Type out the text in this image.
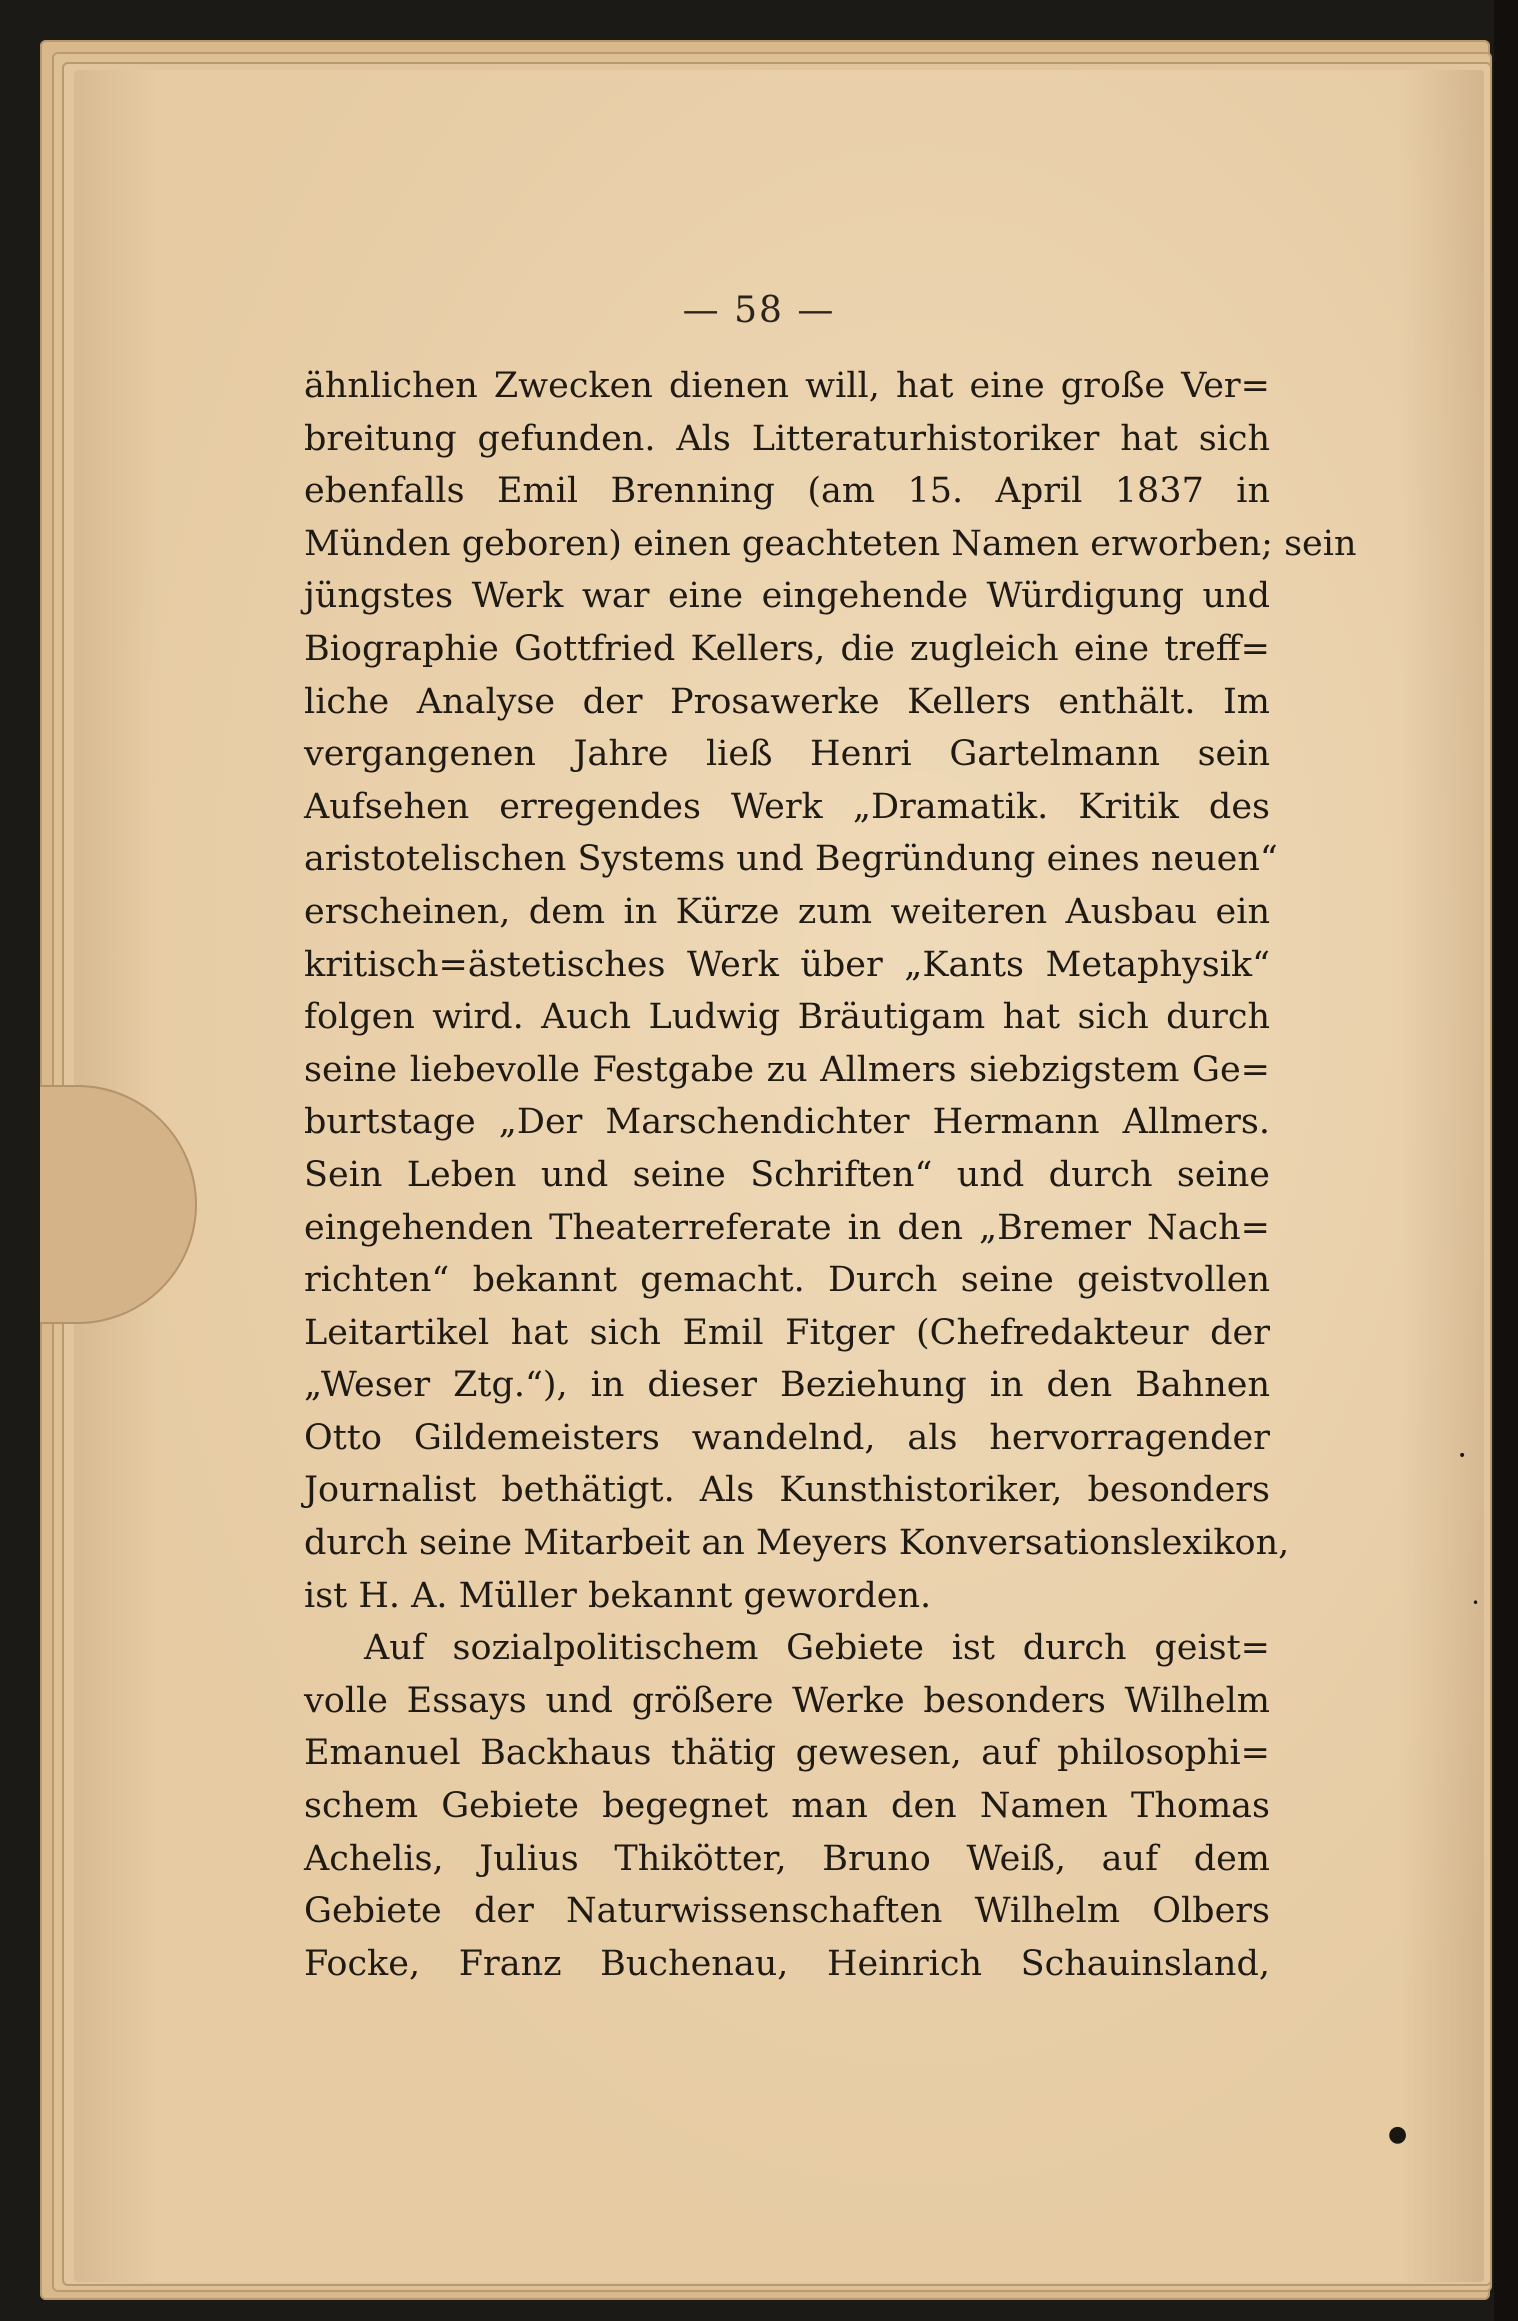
— 58 —
ähnlichen Zwecken dienen will, hat eine große Ver=
breitung gefunden. Als Litteraturhistoriker hat sich
ebenfalls Emil Brenning (am 15. April 1837 in
Münden geboren) einen geachteten Namen erworben; sein
jüngstes Werk war eine eingehende Würdigung und
Biographie Gottfried Kellers, die zugleich eine treff=
liche Analyse der Prosawerke Kellers enthält. Im
vergangenen Jahre ließ Henri Gartelmann sein
Aufsehen erregendes Werk „Dramatik. Kritik des
aristotelischen Systems und Begründung eines neuen“
erscheinen, dem in Kürze zum weiteren Ausbau ein
kritisch=ästetisches Werk über „Kants Metaphysik“
folgen wird. Auch Ludwig Bräutigam hat sich durch
seine liebevolle Festgabe zu Allmers siebzigstem Ge=
burtstage „Der Marschendichter Hermann Allmers.
Sein Leben und seine Schriften“ und durch seine
eingehenden Theaterreferate in den „Bremer Nach=
richten“ bekannt gemacht. Durch seine geistvollen
Leitartikel hat sich Emil Fitger (Chefredakteur der
„Weser Ztg.“), in dieser Beziehung in den Bahnen
Otto Gildemeisters wandelnd, als hervorragender
Journalist bethätigt. Als Kunsthistoriker, besonders
durch seine Mitarbeit an Meyers Konversationslexikon,
ist H. A. Müller bekannt geworden.
Auf sozialpolitischem Gebiete ist durch geist=
volle Essays und größere Werke besonders Wilhelm
Emanuel Backhaus thätig gewesen, auf philosophi=
schem Gebiete begegnet man den Namen Thomas
Achelis, Julius Thikötter, Bruno Weiß, auf dem
Gebiete der Naturwissenschaften Wilhelm Olbers
Focke, Franz Buchenau, Heinrich Schauinsland,
●
•
•
